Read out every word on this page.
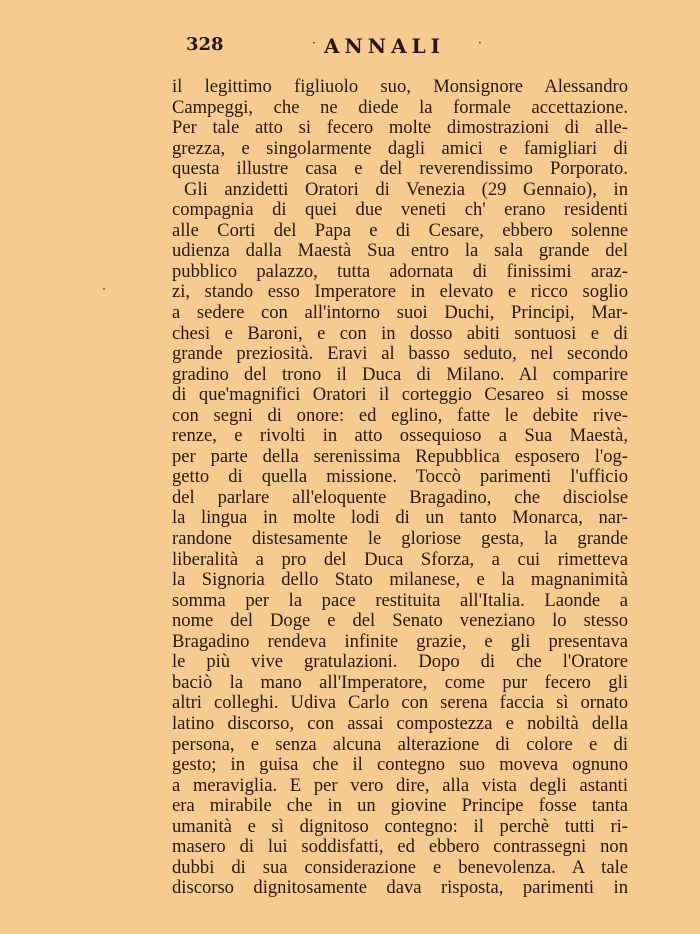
328	· ANNALI	·
il legittimo figliuolo suo, Monsignore Alessandro
Campeggi, che ne diede la formale accettazione.
Per tale atto si fecero molte dimostrazioni di alle-
grezza, e singolarmente dagli amici e famigliari di
questa illustre casa e del reverendissimo Porporato.
Gli anzidetti Oratori di Venezia (29 Gennaio), in
compagnia di quei due veneti ch' erano residenti
alle Corti del Papa e di Cesare, ebbero solenne
udienza dalla Maestà Sua entro la sala grande del
pubblico palazzo, tutta adornata di finissimi araz-
zi, stando esso Imperatore in elevato e ricco soglio
a sedere con all'intorno suoi Duchi, Principi, Mar-
chesi e Baroni, e con in dosso abiti sontuosi e di
grande preziosità. Eravi al basso seduto, nel secondo
gradino del trono il Duca di Milano. Al comparire
di que'magnifici Oratori il corteggio Cesareo si mosse
con segni di onore: ed eglino, fatte le debite rive-
renze, e rivolti in atto ossequioso a Sua Maestà,
per parte della serenissima Repubblica esposero l'og-
getto di quella missione. Toccò parimenti l'ufficio
del parlare all'eloquente Bragadino, che disciolse
la lingua in molte lodi di un tanto Monarca, nar-
randone distesamente le gloriose gesta, la grande
liberalità a pro del Duca Sforza, a cui rimetteva
la Signoria dello Stato milanese, e la magnanimità
somma per la pace restituita all'Italia. Laonde a
nome del Doge e del Senato veneziano lo stesso
Bragadino rendeva infinite grazie, e gli presentava
le più vive gratulazioni. Dopo di che l'Oratore
baciò la mano all'Imperatore, come pur fecero gli
altri colleghi. Udiva Carlo con serena faccia sì ornato
latino discorso, con assai compostezza e nobiltà della
persona, e senza alcuna alterazione di colore e di
gesto; in guisa che il contegno suo moveva ognuno
a meraviglia. E per vero dire, alla vista degli astanti
era mirabile che in un giovine Principe fosse tanta
umanità e sì dignitoso contegno: il perchè tutti ri-
masero di lui soddisfatti, ed ebbero contrassegni non
dubbi di sua considerazione e benevolenza. A tale
discorso dignitosamente dava risposta, parimenti in
